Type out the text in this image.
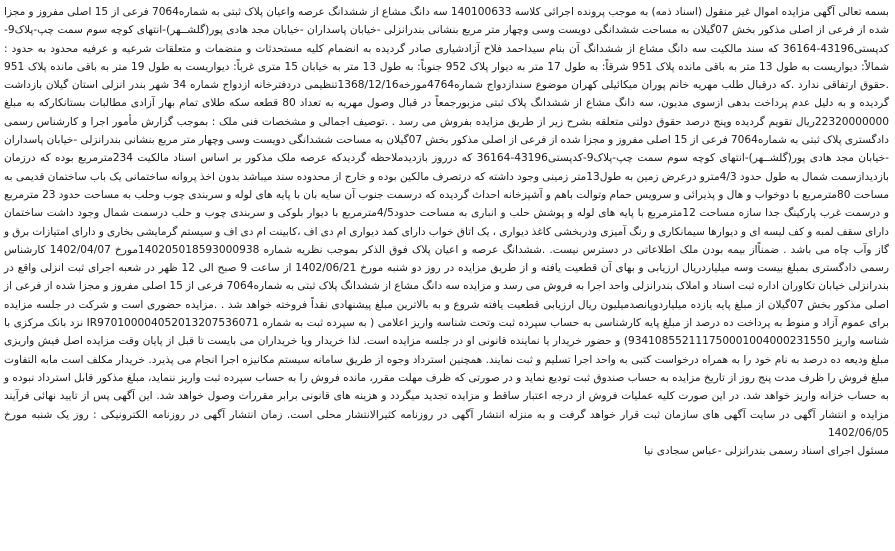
بسمه تعالی آگهی مزایده اموال غیر منقول (اسناد ذمه) به موجب پرونده اجرائی کلاسه 140100633 سه دانگ مشاع از ششدانگ عرصه واعیان پلاک ثبتی به شماره7064 فرعی از 15 اصلی مفروز و مجزا شده از فرعی از اصلی مذکور بخش 07گیلان به مساحت ششدانگی دویست وسی وچهار متر مربع بنشانی بندرانزلی -خیابان پاسداران -خیابان مجد هادی پور(گلشــهر)-انتهای کوچه سوم سمت چپ-پلاک9-کدپستی43196-36164 که سند مالکیت سه دانگ مشاع از ششدانگ آن بنام سیداحمد فلاح آزادشیاری صادر گردیده به انضمام کلیه مستحدثات و منضمات و متعلقات شرعیه و عرفیه محدود به حدود : شمالاً: دیواریست به طول 13 متر به باقی مانده پلاک 951 شرقاً: به طول 17 متر به دیوار پلاک 952 جنوباً: به طول 13 متر به خیابان 15 متری غرباً: دیواریست به طول 19 متر به باقی مانده پلاک 951 .حقوق ارتفاقی ندارد .که درقبال طلب مهریه خانم پوران میکائیلی کهران موضوع سندازدواج شماره4764مورخه1368/12/16تنظیمی دردفترخانه ازدواج شماره 34 شهر بندر انزلی استان گیلان بازداشت گردیده و به دلیل عدم پرداخت بدهی ازسوی مدیون، سه دانگ مشاع از ششدانگ پلاک ثبتی مزبورجمعاً در قبال وصول مهریه به تعداد 80 قطعه سکه طلای تمام بهار آزادی مطالبات بستانکارکه به مبلغ 22320000000ریال تقویم گردیده وپنج درصد حقوق دولتی متعلقه بشرح زیر از طریق مزایده بفروش می رسد . .توصیف اجمالی و مشخصات فنی ملک : بموجب گزارش مأمور اجرا و کارشناس رسمی دادگستری پلاک ثبتی به شماره7064 فرعی از 15 اصلی مفروز و مجزا شده از فرعی از اصلی مذکور بخش 07گیلان به مساحت ششدانگی دویست وسی وچهار متر مربع بنشانی بندرانزلی -خیابان پاسداران -خیابان مجد هادی پور(گلشــهر)-انتهای کوچه سوم سمت چپ-پلاک9-کدپستی43196-36164 که درروز بازدیدملاحظه گردیدکه عرصه ملک مذکور بر اساس اسناد مالکیت 234مترمربع بوده که درزمان بازدیدازسمت شمال به طول حدود 4/3مترو درعرض زمین به طول13متر زمینی وجود داشته که درتصرف مالکین بوده و خارج از محدوده سند میباشد بدون اخذ پروانه ساختمانی یک باب ساختمان قدیمی به مساحت 80مترمربع با دوخواب و هال و پذیرائی و سرویس حمام وتوالت باهم و آشپزخانه احداث گردیده که درسمت جنوب آن سایه بان با پایه های لوله و سربندی چوب وحلب به مساحت حدود 23 مترمربع و درسمت غرب پارکینگ جدا سازه مساحت 12مترمربع با پایه های لوله و پوشش حلب و انباری به مساحت حدود4/5مترمربع با دیوار بلوکی و سربندی چوب و حلب درسمت شمال وجود داشت ساختمان دارای سقف لمبه و کف لیسه ای و دیوارها سیمانکاری و رنگ آمیزی ودربخشی کاغذ دیواری ، یک اتاق خواب دارای کمد دیواری ام دی اف ،کابینت ام دی اف و سیستم گرمایشی بخاری و دارای امتیازات برق و گاز وآب چاه می باشد . ضمناًاز بیمه بودن ملک اطلاعاتی در دسترس نیست. .ششدانگ عرصه و اعیان پلاک فوق الذکر بموجب نظریه شماره 140205018593000938مورخ 1402/04/07 کارشناس رسمی دادگستری بمبلغ بیست وسه میلیاردریال ارزیابی و بهای آن قطعیت یافته و از طریق مزایده در روز دو شنبه مورخ 1402/06/21 از ساعت 9 صبح الی 12 ظهر در شعبه اجرای ثبت انزلی واقع در بندرانزلی خیابان تکاوران اداره ثبت اسناد و املاک بندرانزلی واحد اجرا به فروش می رسد و مزایده سه دانگ مشاع از ششدانگ پلاک ثبتی به شماره7064 فرعی از 15 اصلی مفروز و مجزا شده از فرعی از اصلی مذکور بخش 07گیلان از مبلغ پایه یازده میلیاردوپانصدمیلیون ریال ارزیابی قطعیت یافته شروع و به بالاترین مبلغ پیشنهادی نقداً فروخته خواهد شد . .مزایده حضوری است و شرکت در جلسه مزایده برای عموم آزاد و منوط به پرداخت ده درصد از مبلغ پایه کارشناسی به حساب سپرده ثبت وتحت شناسه واریز اعلامی ( به سپرده ثبت به شماره IR970100004052013207536071 نزد بانک مرکزی با شناسه واریز 934108552111750001004000231550) و حضور خریدار یا نماینده قانونی او در جلسه مزایده است. لذا خریدار ویا خریداران می بایست تا قبل از پایان وقت مزایده اصل فیش واریزی مبلغ ودیعه ده درصد به نام خود را به همراه درخواست کتبی به واحد اجرا تسلیم و ثبت نمایند. همچنین استرداد وجوه از طریق سامانه سیستم مکانیزه اجرا انجام می پذیرد. خریدار مکلف است مابه التفاوت مبلغ فروش را ظرف مدت پنج روز از تاریخ مزایده به حساب صندوق ثبت تودیع نماید و در صورتی که ظرف مهلت مقرر، مانده فروش را به حساب سپرده ثبت واریز ننماید، مبلغ مذکور قابل استرداد نبوده و به حساب خزانه واریز خواهد شد. در این صورت کلیه عملیات فروش از درجه اعتبار ساقط و مزایده تجدید میگردد و هزینه های قانونی برابر مقررات وصول خواهد شد. این آگهی پس از تایید نهائی فرآیند مزایده و انتشار آگهی در سایت آگهی های سازمان ثبت قرار خواهد گرفت و به منزله انتشار آگهی در روزنامه کثیرالانتشار محلی است. زمان انتشار آگهی در روزنامه الکترونیکی : روز یک شنبه مورخ 1402/06/05

مسئول اجرای اسناد رسمی بندرانزلی -عباس سجادی نیا
